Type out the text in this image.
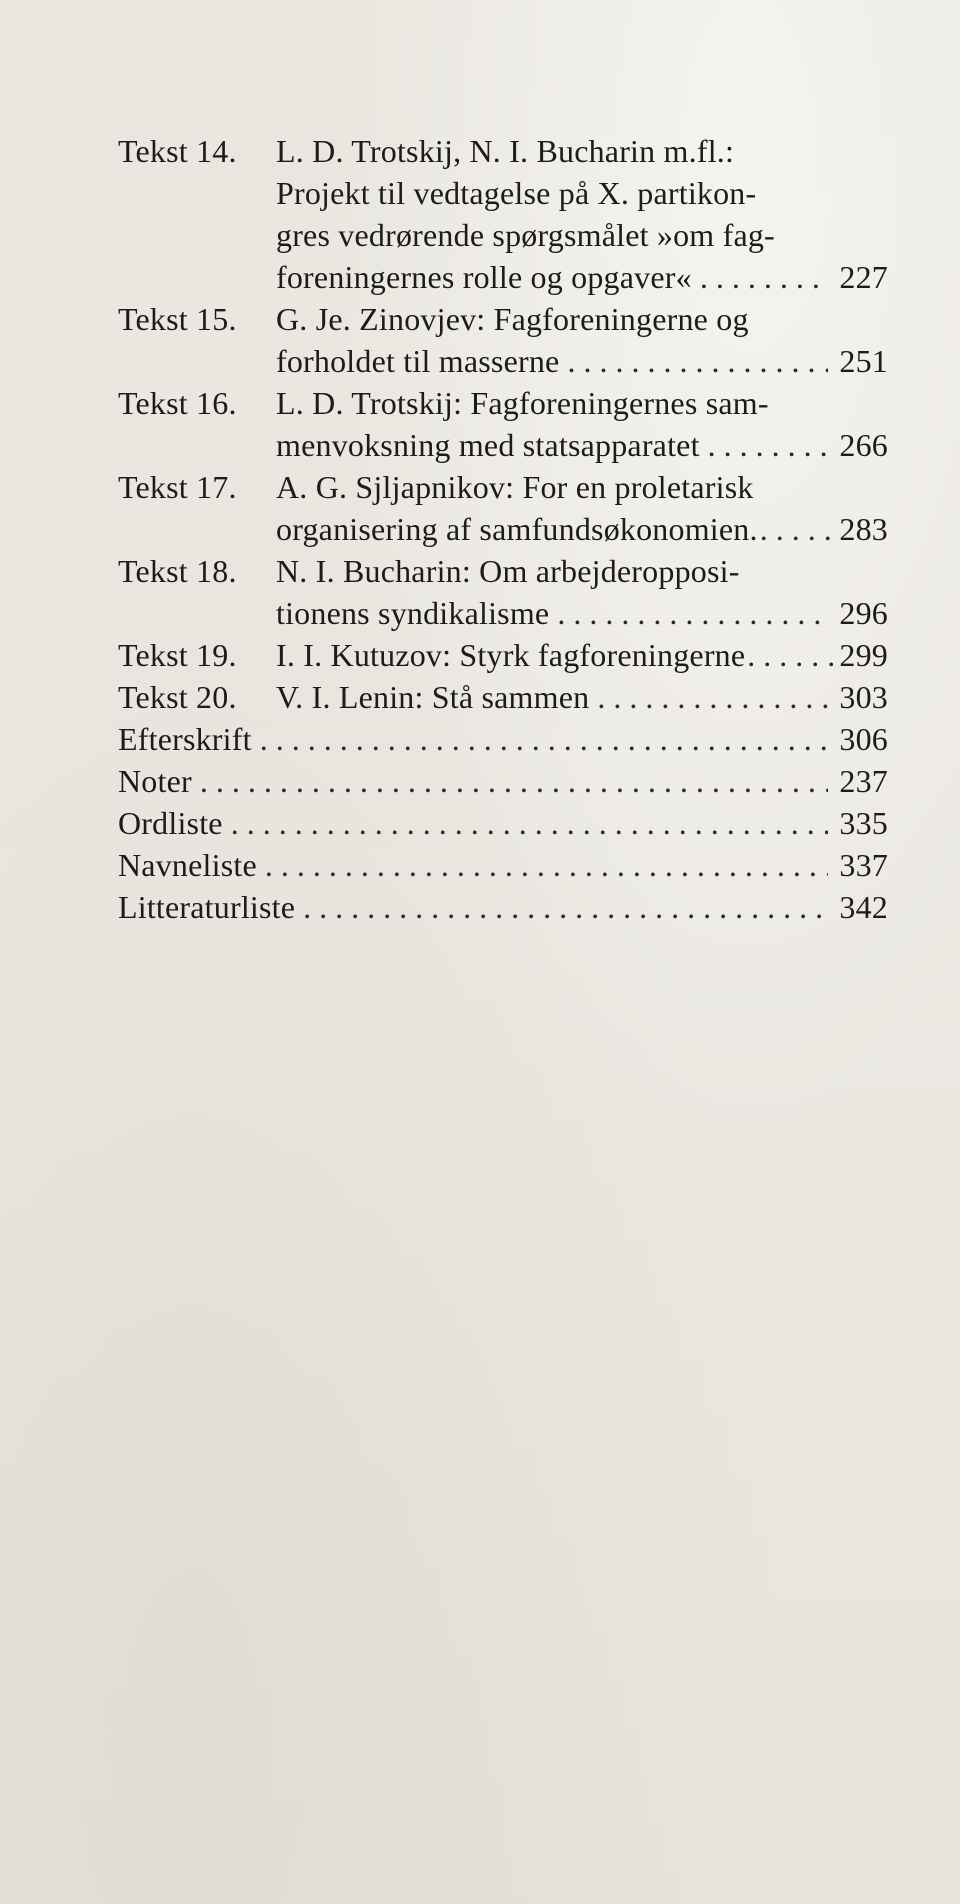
Tekst 14.	L. D. Trotskij, N. I. Bucharin m.fl.:
Projekt til vedtagelse på X. partikon-
gres vedrørende spørgsmålet »om fag-
foreningernes rolle og opgaver« . . .	227
Tekst 15.	G. Je. Zinovjev: Fagforeningerne og
forholdet til masserne . . .	251
Tekst 16.	L. D. Trotskij: Fagforeningernes sam-
menvoksning med statsapparatet . . .	266
Tekst 17.	A. G. Sjljapnikov: For en proletarisk
organisering af samfundsøkonomien. . . .	283
Tekst 18.	N. I. Bucharin: Om arbejderopposi-
tionens syndikalisme . . .	296
Tekst 19.	I. I. Kutuzov: Styrk fagforeningerne . . .	299
Tekst 20.	V. I. Lenin: Stå sammen . . .	303
Efterskrift . . .	306
Noter . . .	237
Ordliste . . .	335
Navneliste . . .	337
Litteraturliste . . .	342
